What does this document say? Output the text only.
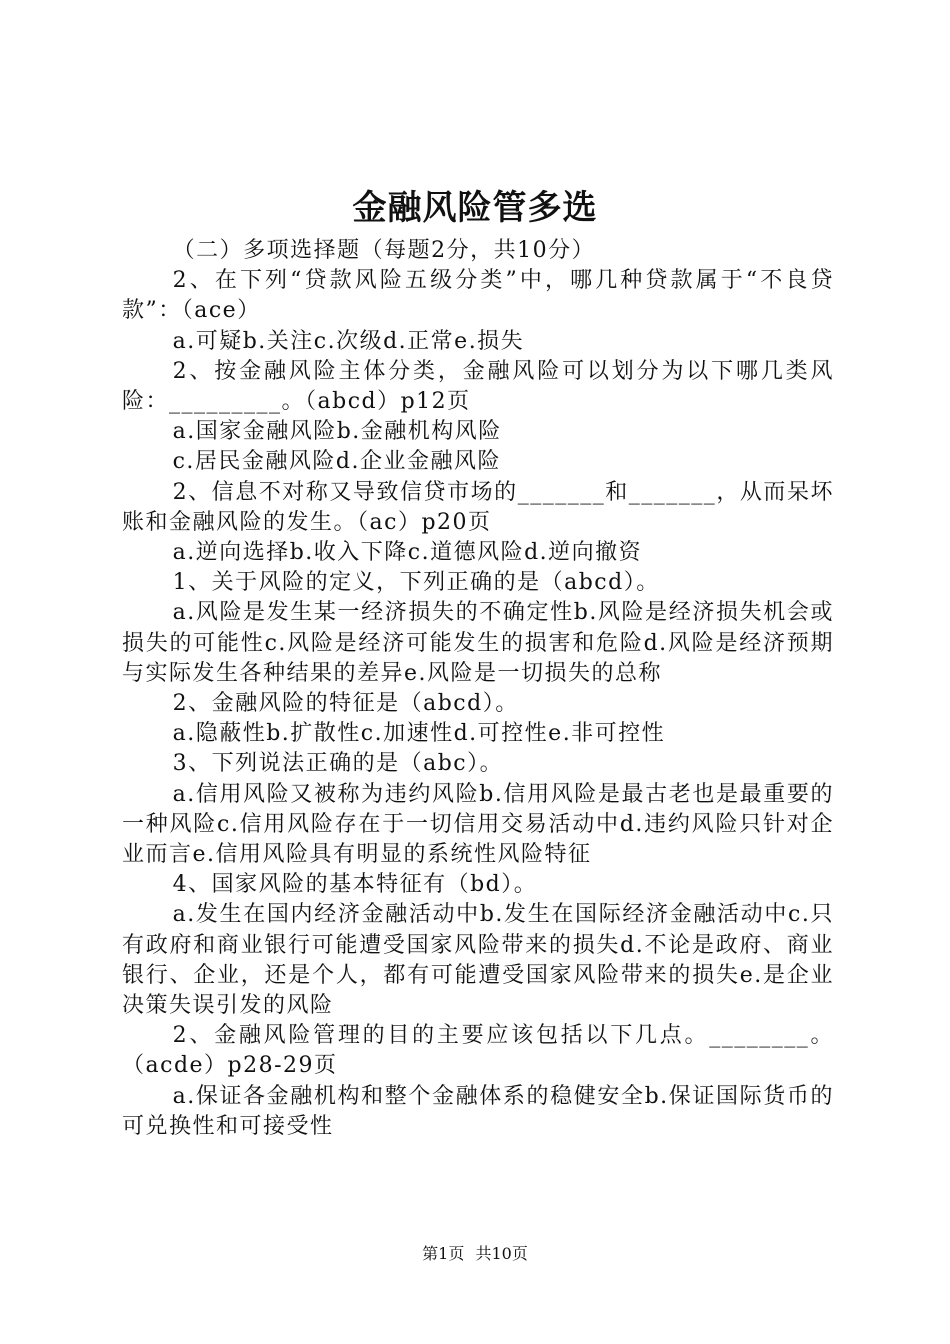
金融风险管多选

（二）多项选择题（每题2分，共10分）

2、在下列“贷款风险五级分类”中，哪几种贷款属于“不良贷款”：（ace）

a.可疑b.关注c.次级d.正常e.损失

2、按金融风险主体分类，金融风险可以划分为以下哪几类风险：_________。（abcd）p12页

a.国家金融风险b.金融机构风险

c.居民金融风险d.企业金融风险

2、信息不对称又导致信贷市场的_______和_______，从而呆坏账和金融风险的发生。（ac）p20页

a.逆向选择b.收入下降c.道德风险d.逆向撤资

1、关于风险的定义，下列正确的是（abcd）。

a.风险是发生某一经济损失的不确定性b.风险是经济损失机会或损失的可能性c.风险是经济可能发生的损害和危险d.风险是经济预期与实际发生各种结果的差异e.风险是一切损失的总称

2、金融风险的特征是（abcd）。

a.隐蔽性b.扩散性c.加速性d.可控性e.非可控性

3、下列说法正确的是（abc）。

a.信用风险又被称为违约风险b.信用风险是最古老也是最重要的一种风险c.信用风险存在于一切信用交易活动中d.违约风险只针对企业而言e.信用风险具有明显的系统性风险特征

4、国家风险的基本特征有（bd）。

a.发生在国内经济金融活动中b.发生在国际经济金融活动中c.只有政府和商业银行可能遭受国家风险带来的损失d.不论是政府、商业银行、企业，还是个人，都有可能遭受国家风险带来的损失e.是企业决策失误引发的风险

2、金融风险管理的目的主要应该包括以下几点。________。（acde）p28-29页

a.保证各金融机构和整个金融体系的稳健安全b.保证国际货币的可兑换性和可接受性

第1页 共10页
